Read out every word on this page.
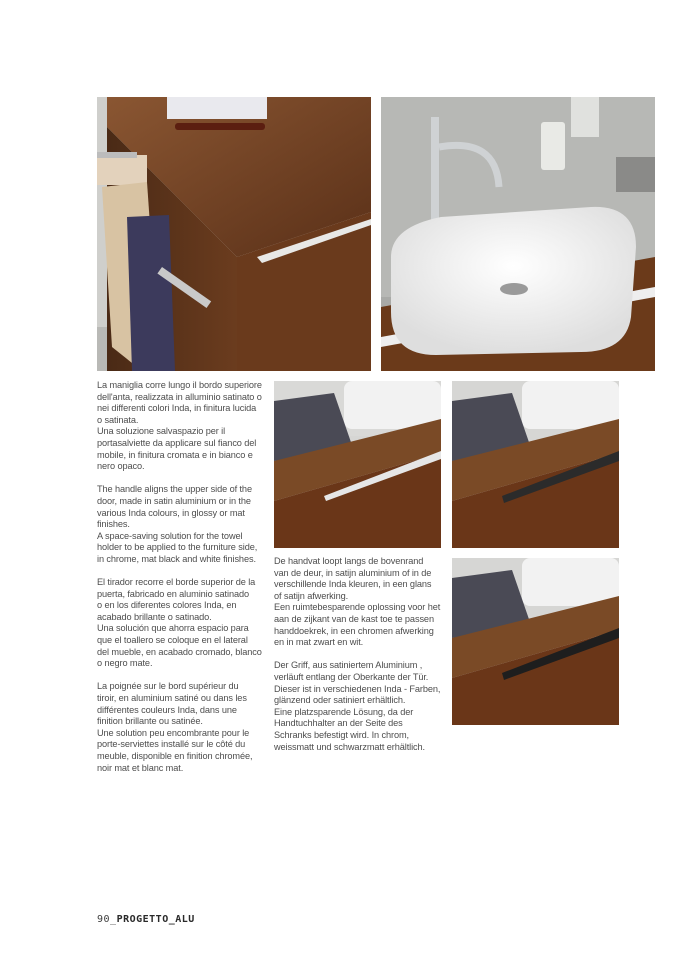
La maniglia corre lungo il bordo superiore

dell'anta, realizzata in alluminio satinato o

nei differenti colori Inda, in finitura lucida

o satinata.

Una soluzione salvaspazio per il

portasalviette da applicare sul fianco del

mobile, in finitura cromata e in bianco e

nero opaco.

The handle aligns the upper side of the

door, made in satin aluminium or in the

various Inda colours, in glossy or mat

finishes.

A space-saving solution for the towel

holder to be applied to the furniture side,

in chrome, mat black and white finishes.

El tirador recorre el borde superior de la

puerta, fabricado en aluminio satinado

o en los diferentes colores Inda, en

acabado brillante o satinado.

Una solución que ahorra espacio para

que el toallero se coloque en el lateral

del mueble, en acabado cromado, blanco

o negro mate.

La poignée sur le bord supérieur du

tiroir, en aluminium satiné ou dans les

différentes couleurs Inda, dans une

finition brillante ou satinée.

Une solution peu encombrante pour le

porte-serviettes installé sur le côté du

meuble, disponible en finition chromée,

noir mat et blanc mat.

De handvat loopt langs de bovenrand

van de deur, in satijn aluminium of in de

verschillende Inda kleuren, in een glans

of satijn afwerking.

Een ruimtebesparende oplossing voor het

aan de zijkant van de kast toe te passen

handdoekrek, in een chromen afwerking

en in mat zwart en wit.

Der Griff, aus satiniertem Aluminium ,

verläuft entlang der Oberkante der Tür.

Dieser ist in verschiedenen Inda - Farben,

glänzend oder satiniert erhältlich.

Eine platzsparende Lösung, da der

Handtuchhalter an der Seite des

Schranks befestigt wird. In chrom,

weissmatt und schwarzmatt erhältlich.

90_PROGETTO_ALU
